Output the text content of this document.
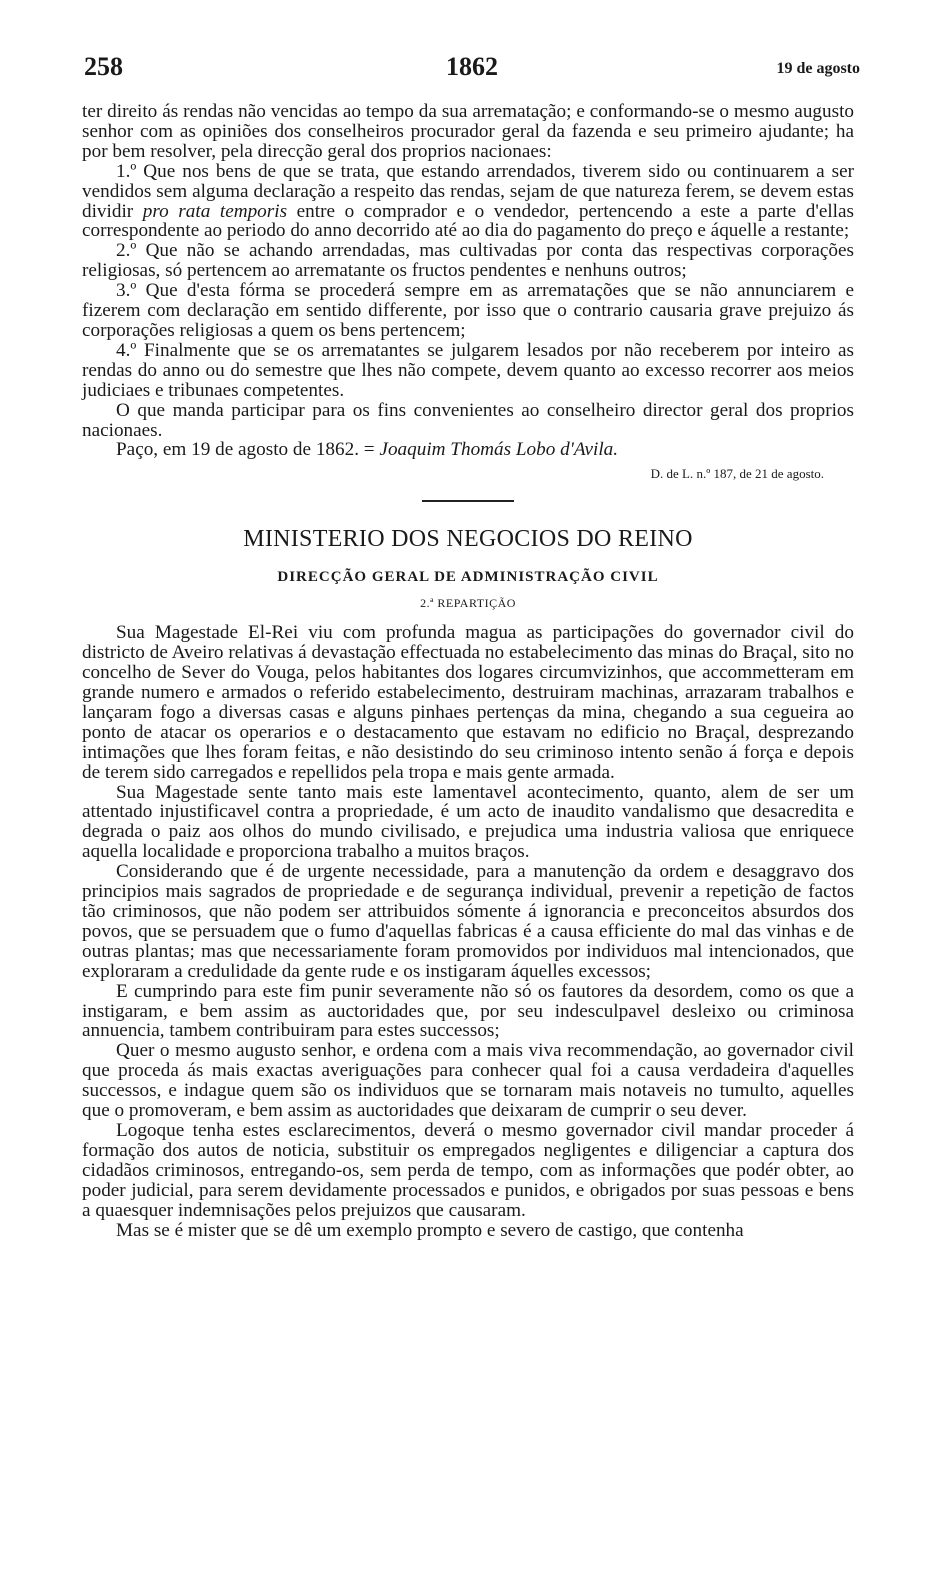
258	1862	19 de agosto

ter direito ás rendas não vencidas ao tempo da sua arrematação; e conformando-se o mesmo augusto senhor com as opiniões dos conselheiros procurador geral da fazenda e seu primeiro ajudante; ha por bem resolver, pela direcção geral dos proprios nacionaes:

1.º Que nos bens de que se trata, que estando arrendados, tiverem sido ou continuarem a ser vendidos sem alguma declaração a respeito das rendas, sejam de que natureza ferem, se devem estas dividir pro rata temporis entre o comprador e o vendedor, pertencendo a este a parte d'ellas correspondente ao periodo do anno decorrido até ao dia do pagamento do preço e áquelle a restante;

2.º Que não se achando arrendadas, mas cultivadas por conta das respectivas corporações religiosas, só pertencem ao arrematante os fructos pendentes e nenhuns outros;

3.º Que d'esta fórma se procederá sempre em as arrematações que se não annunciarem e fizerem com declaração em sentido differente, por isso que o contrario causaria grave prejuizo ás corporações religiosas a quem os bens pertencem;

4.º Finalmente que se os arrematantes se julgarem lesados por não receberem por inteiro as rendas do anno ou do semestre que lhes não compete, devem quanto ao excesso recorrer aos meios judiciaes e tribunaes competentes.

O que manda participar para os fins convenientes ao conselheiro director geral dos proprios nacionaes.

Paço, em 19 de agosto de 1862. = Joaquim Thomás Lobo d'Avila.

D. de L. n.º 187, de 21 de agosto.
MINISTERIO DOS NEGOCIOS DO REINO
DIRECÇÃO GERAL DE ADMINISTRAÇÃO CIVIL
2.ª REPARTIÇÃO

Sua Magestade El-Rei viu com profunda magua as participações do governador civil do districto de Aveiro relativas á devastação effectuada no estabelecimento das minas do Braçal, sito no concelho de Sever do Vouga, pelos habitantes dos logares circumvizinhos, que accommetteram em grande numero e armados o referido estabelecimento, destruiram machinas, arrazaram trabalhos e lançaram fogo a diversas casas e alguns pinhaes pertenças da mina, chegando a sua cegueira ao ponto de atacar os operarios e o destacamento que estavam no edificio no Braçal, desprezando intimações que lhes foram feitas, e não desistindo do seu criminoso intento senão á força e depois de terem sido carregados e repellidos pela tropa e mais gente armada.

Sua Magestade sente tanto mais este lamentavel acontecimento, quanto, alem de ser um attentado injustificavel contra a propriedade, é um acto de inaudito vandalismo que desacredita e degrada o paiz aos olhos do mundo civilisado, e prejudica uma industria valiosa que enriquece aquella localidade e proporciona trabalho a muitos braços.

Considerando que é de urgente necessidade, para a manutenção da ordem e desaggravo dos principios mais sagrados de propriedade e de segurança individual, prevenir a repetição de factos tão criminosos, que não podem ser attribuidos sómente á ignorancia e preconceitos absurdos dos povos, que se persuadem que o fumo d'aquellas fabricas é a causa efficiente do mal das vinhas e de outras plantas; mas que necessariamente foram promovidos por individuos mal intencionados, que exploraram a credulidade da gente rude e os instigaram áquelles excessos;

E cumprindo para este fim punir severamente não só os fautores da desordem, como os que a instigaram, e bem assim as auctoridades que, por seu indesculpavel desleixo ou criminosa annuencia, tambem contribuiram para estes successos;

Quer o mesmo augusto senhor, e ordena com a mais viva recommendação, ao governador civil que proceda ás mais exactas averiguações para conhecer qual foi a causa verdadeira d'aquelles successos, e indague quem são os individuos que se tornaram mais notaveis no tumulto, aquelles que o promoveram, e bem assim as auctoridades que deixaram de cumprir o seu dever.

Logoque tenha estes esclarecimentos, deverá o mesmo governador civil mandar proceder á formação dos autos de noticia, substituir os empregados negligentes e diligenciar a captura dos cidadãos criminosos, entregando-os, sem perda de tempo, com as informações que podér obter, ao poder judicial, para serem devidamente processados e punidos, e obrigados por suas pessoas e bens a quaesquer indemnisações pelos prejuizos que causaram.

Mas se é mister que se dê um exemplo prompto e severo de castigo, que contenha
